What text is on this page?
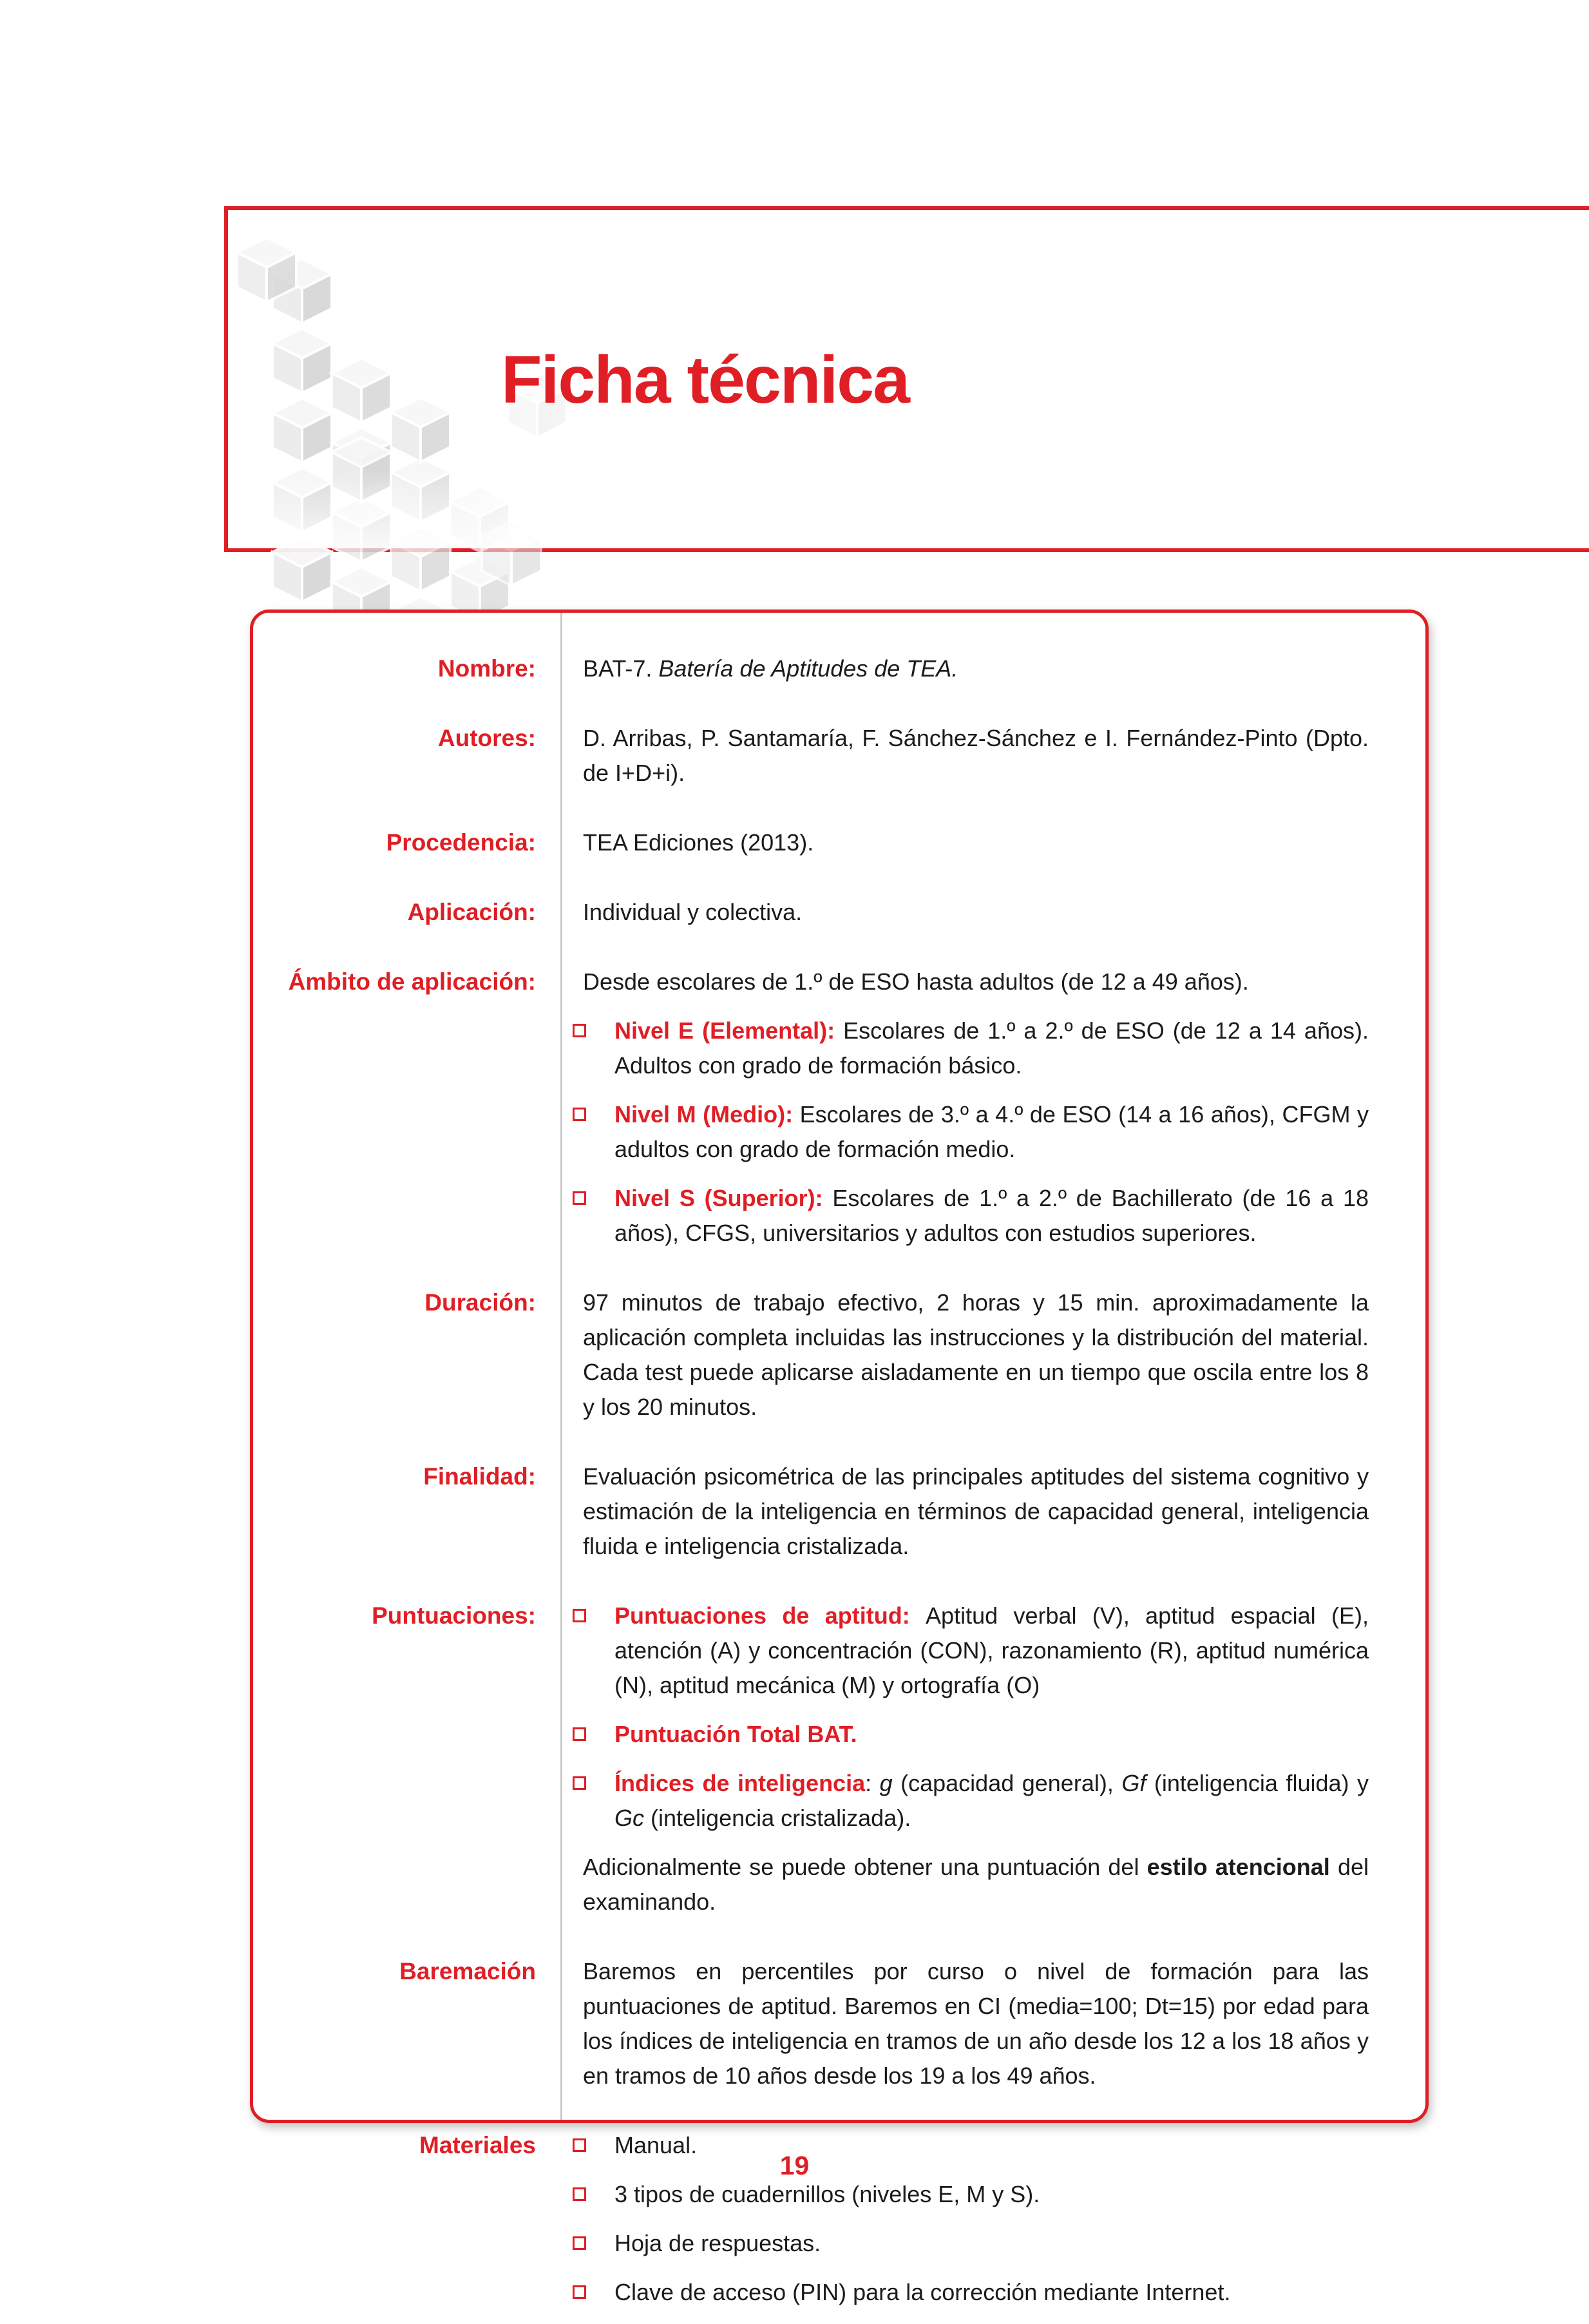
Ficha técnica
Nombre:	BAT-7. Batería de Aptitudes de TEA.
Autores:	D. Arribas, P. Santamaría, F. Sánchez-Sánchez e I. Fernández-Pinto (Dpto. de I+D+i).
Procedencia:	TEA Ediciones (2013).
Aplicación:	Individual y colectiva.
Ámbito de aplicación:	Desde escolares de 1.º de ESO hasta adultos (de 12 a 49 años).
Nivel E (Elemental): Escolares de 1.º a 2.º de ESO (de 12 a 14 años). Adultos con grado de formación básico.
Nivel M (Medio): Escolares de 3.º a 4.º de ESO (14 a 16 años), CFGM y adultos con grado de formación medio.
Nivel S (Superior): Escolares de 1.º a 2.º de Bachillerato (de 16 a 18 años), CFGS, universitarios y adultos con estudios superiores.
Duración:	97 minutos de trabajo efectivo, 2 horas y 15 min. aproximadamente la aplicación completa incluidas las instrucciones y la distribución del material. Cada test puede aplicarse aisladamente en un tiempo que oscila entre los 8 y los 20 minutos.
Finalidad:	Evaluación psicométrica de las principales aptitudes del sistema cognitivo y estimación de la inteligencia en términos de capacidad general, inteligencia fluida e inteligencia cristalizada.
Puntuaciones:	Puntuaciones de aptitud: Aptitud verbal (V), aptitud espacial (E), atención (A) y concentración (CON), razonamiento (R), aptitud numérica (N), aptitud mecánica (M) y ortografía (O)
Puntuación Total BAT.
Índices de inteligencia: g (capacidad general), Gf (inteligencia fluida) y Gc (inteligencia cristalizada).
Adicionalmente se puede obtener una puntuación del estilo atencional del examinando.
Baremación	Baremos en percentiles por curso o nivel de formación para las puntuaciones de aptitud. Baremos en CI (media=100; Dt=15) por edad para los índices de inteligencia en tramos de un año desde los 12 a los 18 años y en tramos de 10 años desde los 19 a los 49 años.
Materiales	Manual.
3 tipos de cuadernillos (niveles E, M y S).
Hoja de respuestas.
Clave de acceso (PIN) para la corrección mediante Internet.
19
